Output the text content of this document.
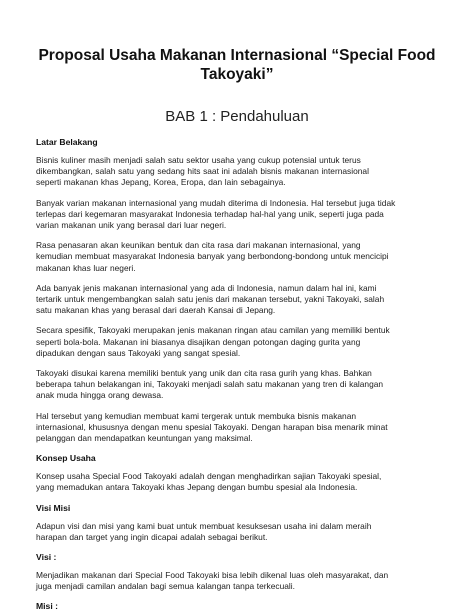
Proposal Usaha Makanan Internasional “Special Food
Takoyaki”
BAB 1 : Pendahuluan
Latar Belakang

Bisnis kuliner masih menjadi salah satu sektor usaha yang cukup potensial untuk terus
dikembangkan, salah satu yang sedang hits saat ini adalah bisnis makanan internasional
seperti makanan khas Jepang, Korea, Eropa, dan lain sebagainya.

Banyak varian makanan internasional yang mudah diterima di Indonesia. Hal tersebut juga tidak
terlepas dari kegemaran masyarakat Indonesia terhadap hal-hal yang unik, seperti juga pada
varian makanan unik yang berasal dari luar negeri.

Rasa penasaran akan keunikan bentuk dan cita rasa dari makanan internasional, yang
kemudian membuat masyarakat Indonesia banyak yang berbondong-bondong untuk mencicipi
makanan khas luar negeri.

Ada banyak jenis makanan internasional yang ada di Indonesia, namun dalam hal ini, kami
tertarik untuk mengembangkan salah satu jenis dari makanan tersebut, yakni Takoyaki, salah
satu makanan khas yang berasal dari daerah Kansai di Jepang.

Secara spesifik, Takoyaki merupakan jenis makanan ringan atau camilan yang memiliki bentuk
seperti bola-bola. Makanan ini biasanya disajikan dengan potongan daging gurita yang
dipadukan dengan saus Takoyaki yang sangat spesial.

Takoyaki disukai karena memiliki bentuk yang unik dan cita rasa gurih yang khas. Bahkan
beberapa tahun belakangan ini, Takoyaki menjadi salah satu makanan yang tren di kalangan
anak muda hingga orang dewasa.

Hal tersebut yang kemudian membuat kami tergerak untuk membuka bisnis makanan
internasional, khususnya dengan menu spesial Takoyaki. Dengan harapan bisa menarik minat
pelanggan dan mendapatkan keuntungan yang maksimal.

Konsep Usaha

Konsep usaha Special Food Takoyaki adalah dengan menghadirkan sajian Takoyaki spesial,
yang memadukan antara Takoyaki khas Jepang dengan bumbu spesial ala Indonesia.

Visi Misi

Adapun visi dan misi yang kami buat untuk membuat kesuksesan usaha ini dalam meraih
harapan dan target yang ingin dicapai adalah sebagai berikut.

Visi :

Menjadikan makanan dari Special Food Takoyaki bisa lebih dikenal luas oleh masyarakat, dan
juga menjadi camilan andalan bagi semua kalangan tanpa terkecuali.

Misi :
